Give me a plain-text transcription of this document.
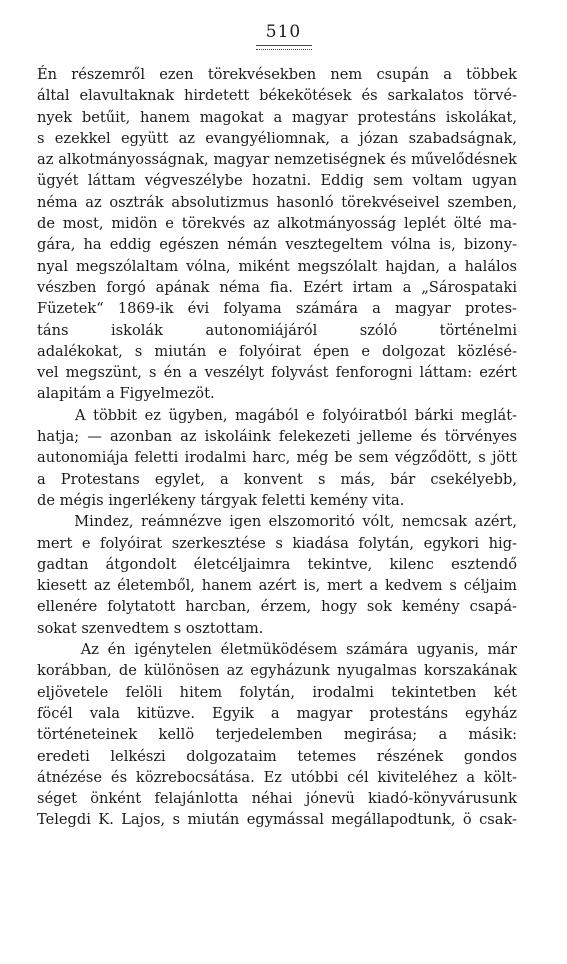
510
Én részemről ezen törekvésekben nem csupán a többek
által elavultaknak hirdetett békekötések és sarkalatos törvé-
nyek betűit, hanem magokat a magyar protestáns iskolákat,
s ezekkel együtt az evangyéliomnak, a józan szabadságnak,
az alkotmányosságnak, magyar nemzetiségnek és művelődésnek
ügyét láttam végveszélybe hozatni. Eddig sem voltam ugyan
néma az osztrák absolutizmus hasonló törekvéseivel szemben,
de most, midön e törekvés az alkotmányosság leplét ölté ma-
gára, ha eddig egészen némán vesztegeltem vólna is, bizony-
nyal megszólaltam vólna, miként megszólalt hajdan, a halálos
vészben forgó apának néma fia. Ezért irtam a „Sárospataki
Füzetek“ 1869-ik évi folyama számára a magyar protes-
táns iskolák autonomiájáról szóló történelmi
adalékokat, s miután e folyóirat épen e dolgozat közlésé-
vel megszünt, s én a veszélyt folyvást fenforogni láttam: ezért
alapitám a Figyelmezöt.
A többit ez ügyben, magából e folyóiratból bárki meglát-
hatja; — azonban az iskoláink felekezeti jelleme és törvényes
autonomiája feletti irodalmi harc, még be sem végződött, s jött
a Protestans egylet, a konvent s más, bár csekélyebb,
de mégis ingerlékeny tárgyak feletti kemény vita.
Mindez, reámnézve igen elszomoritó vólt, nemcsak azért,
mert e folyóirat szerkesztése s kiadása folytán, egykori hig-
gadtan átgondolt életcéljaimra tekintve, kilenc esztendő
kiesett az életemből, hanem azért is, mert a kedvem s céljaim
ellenére folytatott harcban, érzem, hogy sok kemény csapá-
sokat szenvedtem s osztottam.
Az én igénytelen életmüködésem számára ugyanis, már
korábban, de különösen az egyházunk nyugalmas korszakának
eljövetele felöli hitem folytán, irodalmi tekintetben két
föcél vala kitüzve. Egyik a magyar protestáns egyház
történeteinek kellö terjedelemben megirása; a másik:
eredeti lelkészi dolgozataim tetemes részének gondos
átnézése és közrebocsátása. Ez utóbbi cél kiviteléhez a költ-
séget önként felajánlotta néhai jónevü kiadó-könyvárusunk
Telegdi K. Lajos, s miután egymással megállapodtunk, ö csak-
